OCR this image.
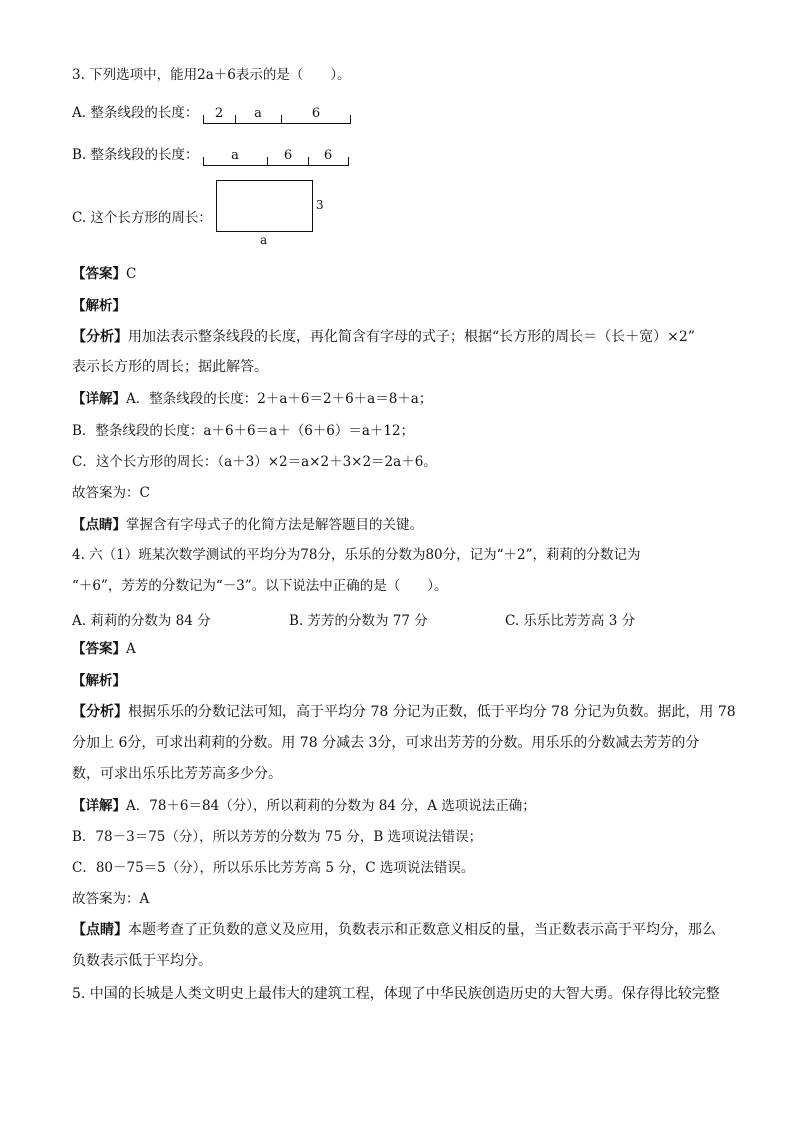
3. 下列选项中，能用2a＋6表示的是（　　）。
A. 整条线段的长度： 2 a	6
B. 整条线段的长度：	a	6 6
C. 这个长方形的周长：
3
a
【答案】C
【解析】
【分析】用加法表示整条线段的长度，再化简含有字母的式子；根据“长方形的周长＝（长＋宽）×2”
表示长方形的周长；据此解答。
【详解】A．整条线段的长度：2＋a＋6＝2＋6＋a＝8＋a；
B．整条线段的长度：a＋6＋6＝a＋（6＋6）＝a＋12；
C．这个长方形的周长：（a＋3）×2＝a×2＋3×2＝2a＋6。
故答案为：C
【点睛】掌握含有字母式子的化简方法是解答题目的关键。
4. 六（1）班某次数学测试的平均分为78分，乐乐的分数为80分，记为“＋2”，莉莉的分数记为
“＋6”，芳芳的分数记为“－3”。以下说法中正确的是（　　）。
A. 莉莉的分数为 84 分	B. 芳芳的分数为 77 分	C. 乐乐比芳芳高 3 分
【答案】A
【解析】
【分析】根据乐乐的分数记法可知，高于平均分 78 分记为正数，低于平均分 78 分记为负数。据此，用 78
分加上 6分，可求出莉莉的分数。用 78 分减去 3分，可求出芳芳的分数。用乐乐的分数减去芳芳的分
数，可求出乐乐比芳芳高多少分。
【详解】A．78＋6＝84（分），所以莉莉的分数为 84 分，A 选项说法正确；
B．78－3＝75（分），所以芳芳的分数为 75 分，B 选项说法错误；
C．80－75＝5（分），所以乐乐比芳芳高 5 分，C 选项说法错误。
故答案为：A
【点睛】本题考查了正负数的意义及应用，负数表示和正数意义相反的量，当正数表示高于平均分，那么
负数表示低于平均分。
5. 中国的长城是人类文明史上最伟大的建筑工程，体现了中华民族创造历史的大智大勇。保存得比较完整
